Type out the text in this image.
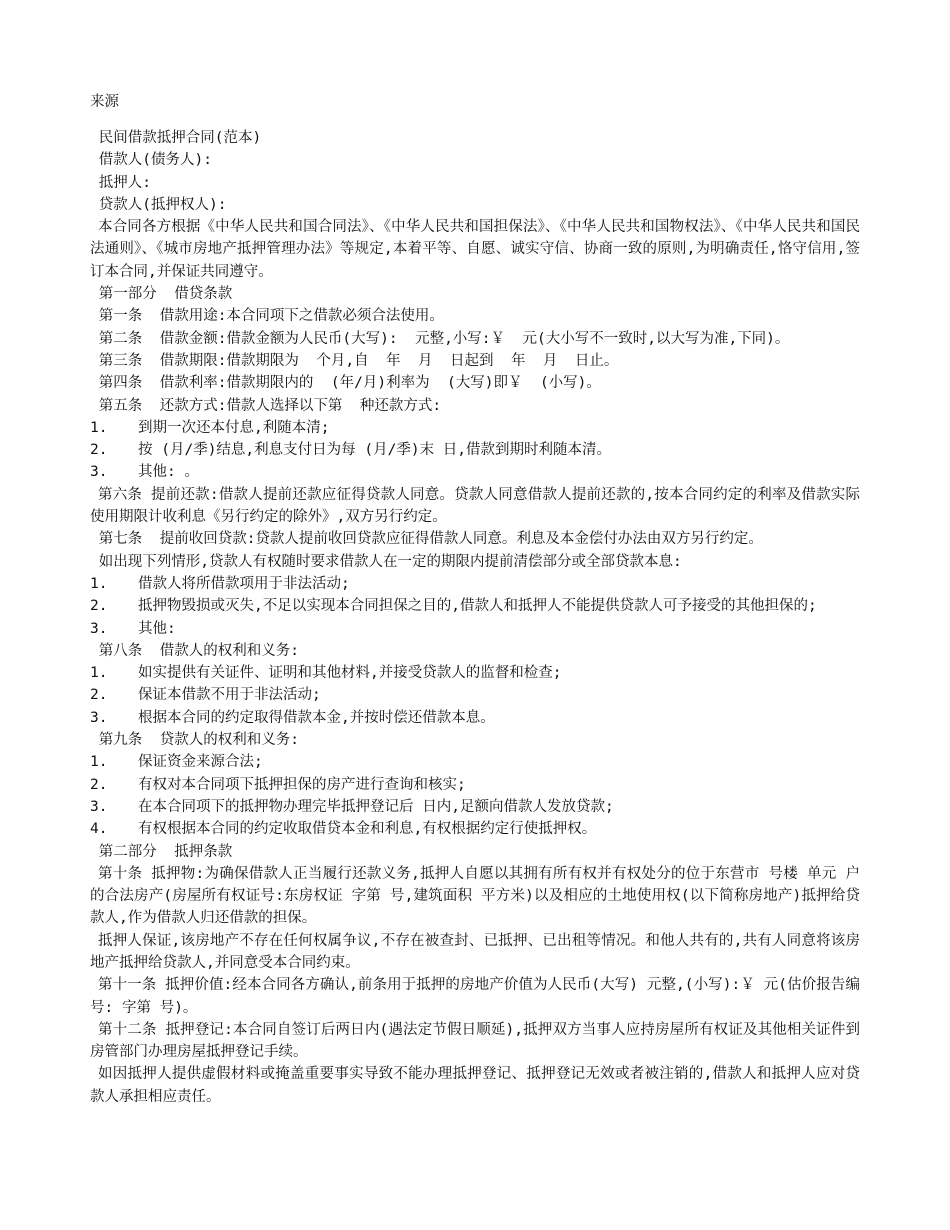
来源

民间借款抵押合同(范本)

借款人(债务人):

抵押人:

贷款人(抵押权人):

本合同各方根据《中华人民共和国合同法》、《中华人民共和国担保法》、《中华人民共和国物权法》、《中华人民共和国民法通则》、《城市房地产抵押管理办法》等规定,本着平等、自愿、诚实守信、协商一致的原则,为明确责任,恪守信用,签订本合同,并保证共同遵守。

第一部分  借贷条款

第一条  借款用途:本合同项下之借款必须合法使用。

第二条  借款金额:借款金额为人民币(大写):  元整,小写:￥  元(大小写不一致时,以大写为准,下同)。

第三条  借款期限:借款期限为  个月,自  年  月  日起到  年  月  日止。

第四条  借款利率:借款期限内的  (年/月)利率为  (大写)即￥  (小写)。

第五条  还款方式:借款人选择以下第  种还款方式:

1.	到期一次还本付息,利随本清;
2.	按 (月/季)结息,利息支付日为每 (月/季)末 日,借款到期时利随本清。
3.	其他: 。

第六条 提前还款:借款人提前还款应征得贷款人同意。贷款人同意借款人提前还款的,按本合同约定的利率及借款实际使用期限计收利息《另行约定的除外》,双方另行约定。

第七条  提前收回贷款:贷款人提前收回贷款应征得借款人同意。利息及本金偿付办法由双方另行约定。

如出现下列情形,贷款人有权随时要求借款人在一定的期限内提前清偿部分或全部贷款本息:

1.	借款人将所借款项用于非法活动;
2.	抵押物毁损或灭失,不足以实现本合同担保之目的,借款人和抵押人不能提供贷款人可予接受的其他担保的;
3.	其他:

第八条  借款人的权利和义务:

1.	如实提供有关证件、证明和其他材料,并接受贷款人的监督和检查;
2.	保证本借款不用于非法活动;
3.	根据本合同的约定取得借款本金,并按时偿还借款本息。

第九条  贷款人的权利和义务:

1.	保证资金来源合法;
2.	有权对本合同项下抵押担保的房产进行查询和核实;
3.	在本合同项下的抵押物办理完毕抵押登记后 日内,足额向借款人发放贷款;
4.	有权根据本合同的约定收取借贷本金和利息,有权根据约定行使抵押权。

第二部分  抵押条款

第十条 抵押物:为确保借款人正当履行还款义务,抵押人自愿以其拥有所有权并有权处分的位于东营市 号楼 单元 户的合法房产(房屋所有权证号:东房权证 字第 号,建筑面积 平方米)以及相应的土地使用权(以下简称房地产)抵押给贷款人,作为借款人归还借款的担保。

抵押人保证,该房地产不存在任何权属争议,不存在被查封、已抵押、已出租等情况。和他人共有的,共有人同意将该房地产抵押给贷款人,并同意受本合同约束。

第十一条 抵押价值:经本合同各方确认,前条用于抵押的房地产价值为人民币(大写) 元整,(小写):￥ 元(估价报告编号: 字第 号)。

第十二条 抵押登记:本合同自签订后两日内(遇法定节假日顺延),抵押双方当事人应持房屋所有权证及其他相关证件到房管部门办理房屋抵押登记手续。

如因抵押人提供虚假材料或掩盖重要事实导致不能办理抵押登记、抵押登记无效或者被注销的,借款人和抵押人应对贷款人承担相应责任。
